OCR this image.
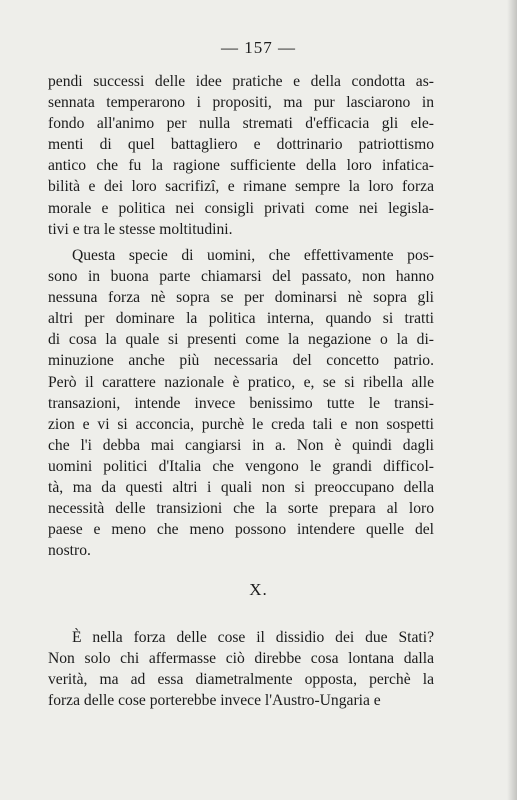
— 157 —
pendi successi delle idee pratiche e della condotta as-
sennata temperarono i propositi, ma pur lasciarono in
fondo all'animo per nulla stremati d'efficacia gli ele-
menti di quel battagliero e dottrinario patriottismo
antico che fu la ragione sufficiente della loro infatica-
bilità e dei loro sacrifizî, e rimane sempre la loro forza
morale e politica nei consigli privati come nei legisla-
tivi e tra le stesse moltitudini.
Questa specie di uomini, che effettivamente pos-
sono in buona parte chiamarsi del passato, non hanno
nessuna forza nè sopra se per dominarsi nè sopra gli
altri per dominare la politica interna, quando si tratti
di cosa la quale si presenti come la negazione o la di-
minuzione anche più necessaria del concetto patrio.
Però il carattere nazionale è pratico, e, se si ribella alle
transazioni, intende invece benissimo tutte le transi-
zion e vi si acconcia, purchè le creda tali e non sospetti
che l'i debba mai cangiarsi in a. Non è quindi dagli
uomini politici d'Italia che vengono le grandi difficol-
tà, ma da questi altri i quali non si preoccupano della
necessità delle transizioni che la sorte prepara al loro
paese e meno che meno possono intendere quelle del
nostro.
X.
È nella forza delle cose il dissidio dei due Stati?
Non solo chi affermasse ciò direbbe cosa lontana dalla
verità, ma ad essa diametralmente opposta, perchè la
forza delle cose porterebbe invece l'Austro-Ungaria e
